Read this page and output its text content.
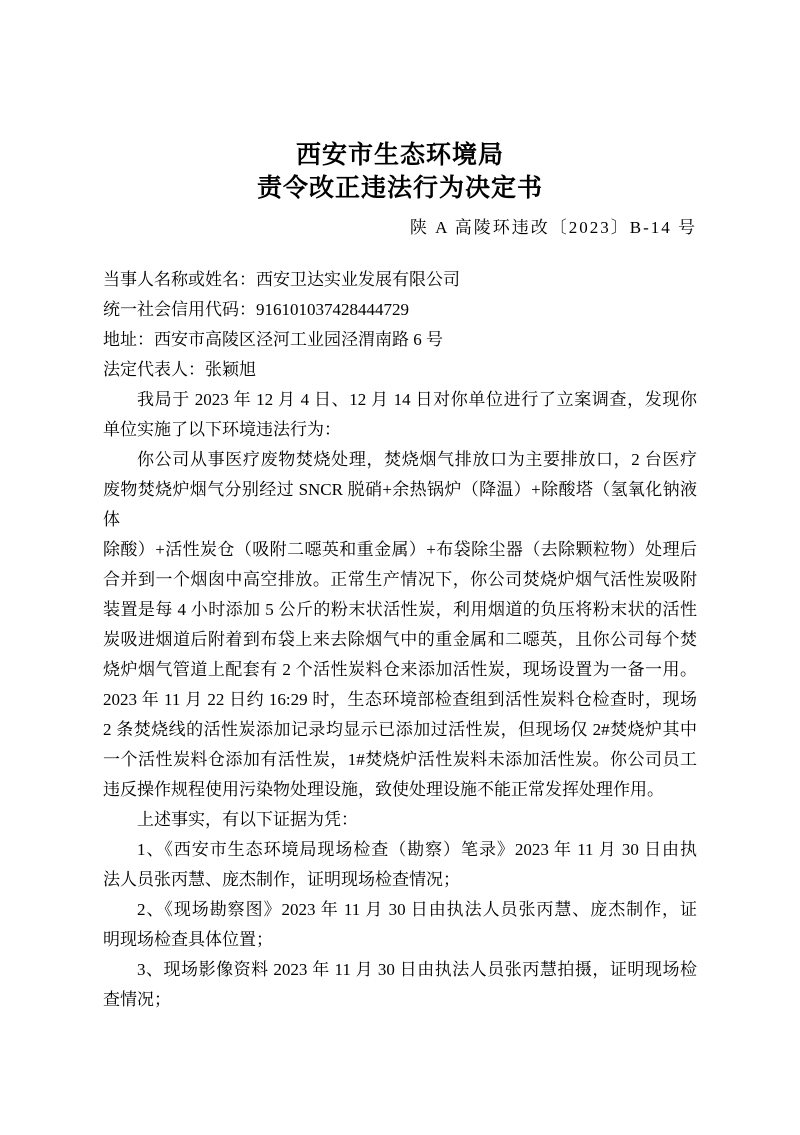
西安市生态环境局
责令改正违法行为决定书
陕 A 高陵环违改〔2023〕B-14 号
当事人名称或姓名：西安卫达实业发展有限公司
统一社会信用代码：916101037428444729
地址：西安市高陵区泾河工业园泾渭南路 6 号
法定代表人：张颖旭
我局于 2023 年 12 月 4 日、12 月 14 日对你单位进行了立案调查，发现你
单位实施了以下环境违法行为：
你公司从事医疗废物焚烧处理，焚烧烟气排放口为主要排放口，2 台医疗
废物焚烧炉烟气分别经过 SNCR 脱硝+余热锅炉（降温）+除酸塔（氢氧化钠液体
除酸）+活性炭仓（吸附二噁英和重金属）+布袋除尘器（去除颗粒物）处理后
合并到一个烟囱中高空排放。正常生产情况下，你公司焚烧炉烟气活性炭吸附
装置是每 4 小时添加 5 公斤的粉末状活性炭，利用烟道的负压将粉末状的活性
炭吸进烟道后附着到布袋上来去除烟气中的重金属和二噁英，且你公司每个焚
烧炉烟气管道上配套有 2 个活性炭料仓来添加活性炭，现场设置为一备一用。
2023 年 11 月 22 日约 16:29 时，生态环境部检查组到活性炭料仓检查时，现场
2 条焚烧线的活性炭添加记录均显示已添加过活性炭，但现场仅 2#焚烧炉其中
一个活性炭料仓添加有活性炭，1#焚烧炉活性炭料未添加活性炭。你公司员工
违反操作规程使用污染物处理设施，致使处理设施不能正常发挥处理作用。
上述事实，有以下证据为凭：
1、《西安市生态环境局现场检查（勘察）笔录》2023 年 11 月 30 日由执
法人员张丙慧、庞杰制作，证明现场检查情况；
2、《现场勘察图》2023 年 11 月 30 日由执法人员张丙慧、庞杰制作，证
明现场检查具体位置；
3、现场影像资料 2023 年 11 月 30 日由执法人员张丙慧拍摄，证明现场检
查情况；
